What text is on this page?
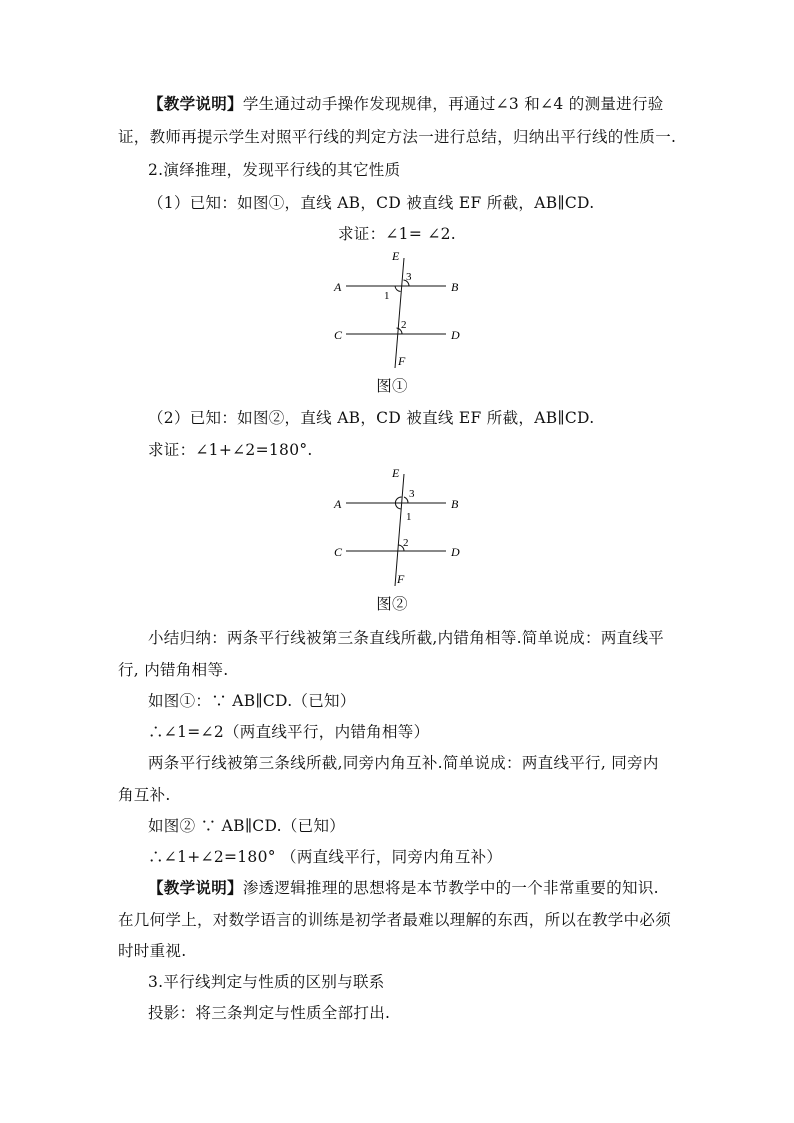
【教学说明】学生通过动手操作发现规律，再通过∠3 和∠4 的测量进行验
证，教师再提示学生对照平行线的判定方法一进行总结，归纳出平行线的性质一.
2.演绎推理，发现平行线的其它性质
（1）已知：如图①，直线 AB，CD 被直线 EF 所截，AB∥CD.
求证：∠1= ∠2.
A	B
C	D
E
F
1
2
3
图①
（2）已知：如图②，直线 AB，CD 被直线 EF 所截，AB∥CD.
求证：∠1+∠2=180°.
A	B
C	D
E
F
1
2
3
图②
小结归纳：两条平行线被第三条直线所截,内错角相等.简单说成：两直线平
行, 内错角相等.
如图①：∵ AB∥CD.（已知）
∴∠1=∠2（两直线平行，内错角相等）
两条平行线被第三条线所截,同旁内角互补.简单说成：两直线平行, 同旁内
角互补.
如图② ∵ AB∥CD.（已知）
∴∠1+∠2=180° （两直线平行，同旁内角互补）
【教学说明】渗透逻辑推理的思想将是本节教学中的一个非常重要的知识.
在几何学上，对数学语言的训练是初学者最难以理解的东西，所以在教学中必须
时时重视.
3.平行线判定与性质的区别与联系
投影：将三条判定与性质全部打出.
